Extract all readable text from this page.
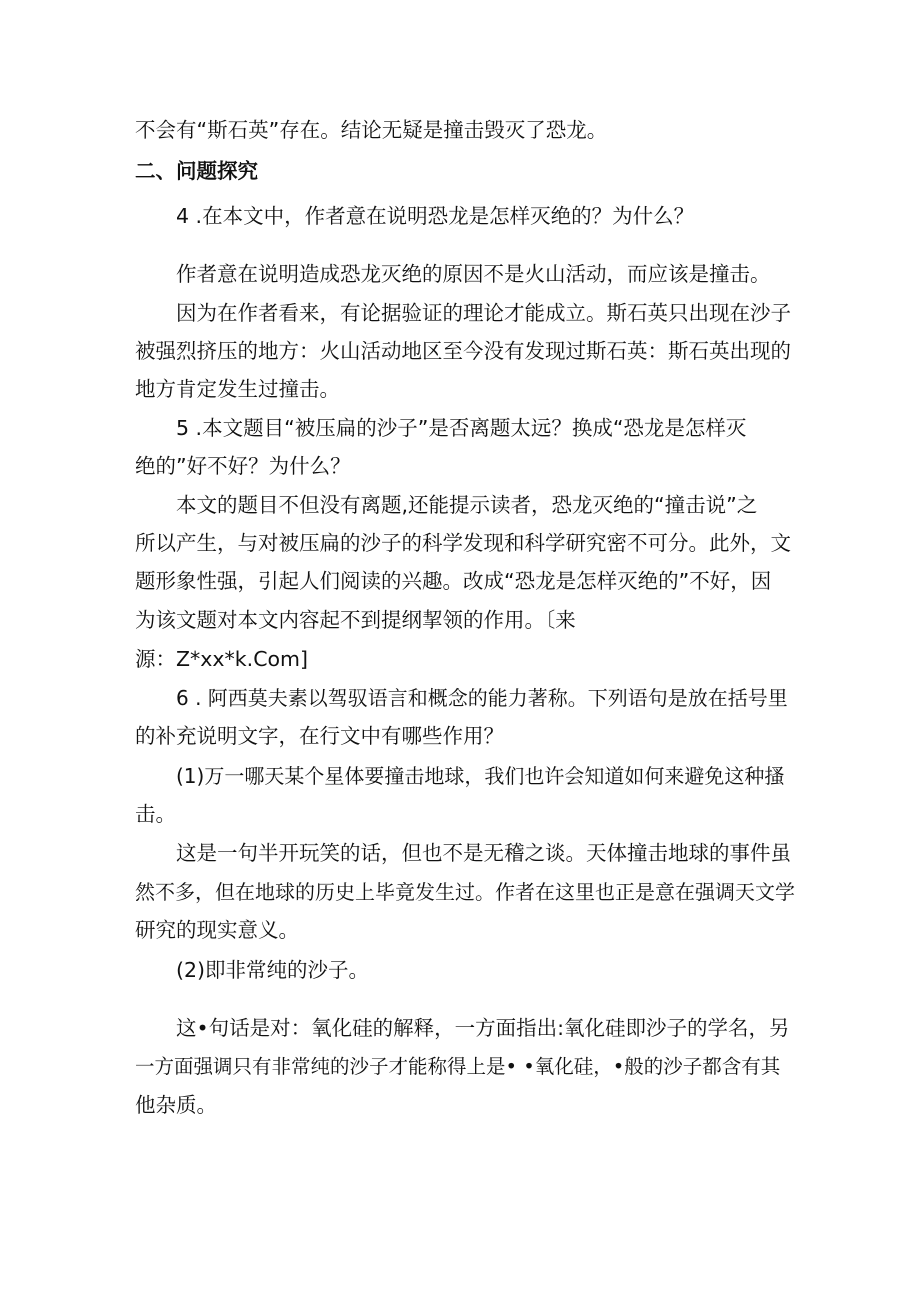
不会有“斯石英”存在。结论无疑是撞击毁灭了恐龙。
二、问题探究
4 .在本文中，作者意在说明恐龙是怎样灭绝的？为什么？
作者意在说明造成恐龙灭绝的原因不是火山活动，而应该是撞击。
因为在作者看来，有论据验证的理论才能成立。斯石英只出现在沙子
被强烈挤压的地方：火山活动地区至今没有发现过斯石英：斯石英出现的
地方肯定发生过撞击。
5 .本文题目“被压扁的沙子”是否离题太远？换成“恐龙是怎样灭
绝的”好不好？为什么？
本文的题目不但没有离题,还能提示读者，恐龙灭绝的“撞击说”之
所以产生，与对被压扁的沙子的科学发现和科学研究密不可分。此外，文
题形象性强，引起人们阅读的兴趣。改成“恐龙是怎样灭绝的”不好，因
为该文题对本文内容起不到提纲挈领的作用。〔来
源：Z*xx*k.Com]
6 . 阿西莫夫素以驾驭语言和概念的能力著称。下列语句是放在括号里
的补充说明文字，在行文中有哪些作用？
(1)万一哪天某个星体要撞击地球，我们也许会知道如何来避免这种搔
击。
这是一句半开玩笑的话，但也不是无稽之谈。天体撞击地球的事件虽
然不多，但在地球的历史上毕竟发生过。作者在这里也正是意在强调天文学
研究的现实意义。
(2)即非常纯的沙子。
这•句话是对：氧化硅的解释，一方面指出:氧化硅即沙子的学名，另
一方面强调只有非常纯的沙子才能称得上是• •氧化硅，•般的沙子都含有其
他杂质。
